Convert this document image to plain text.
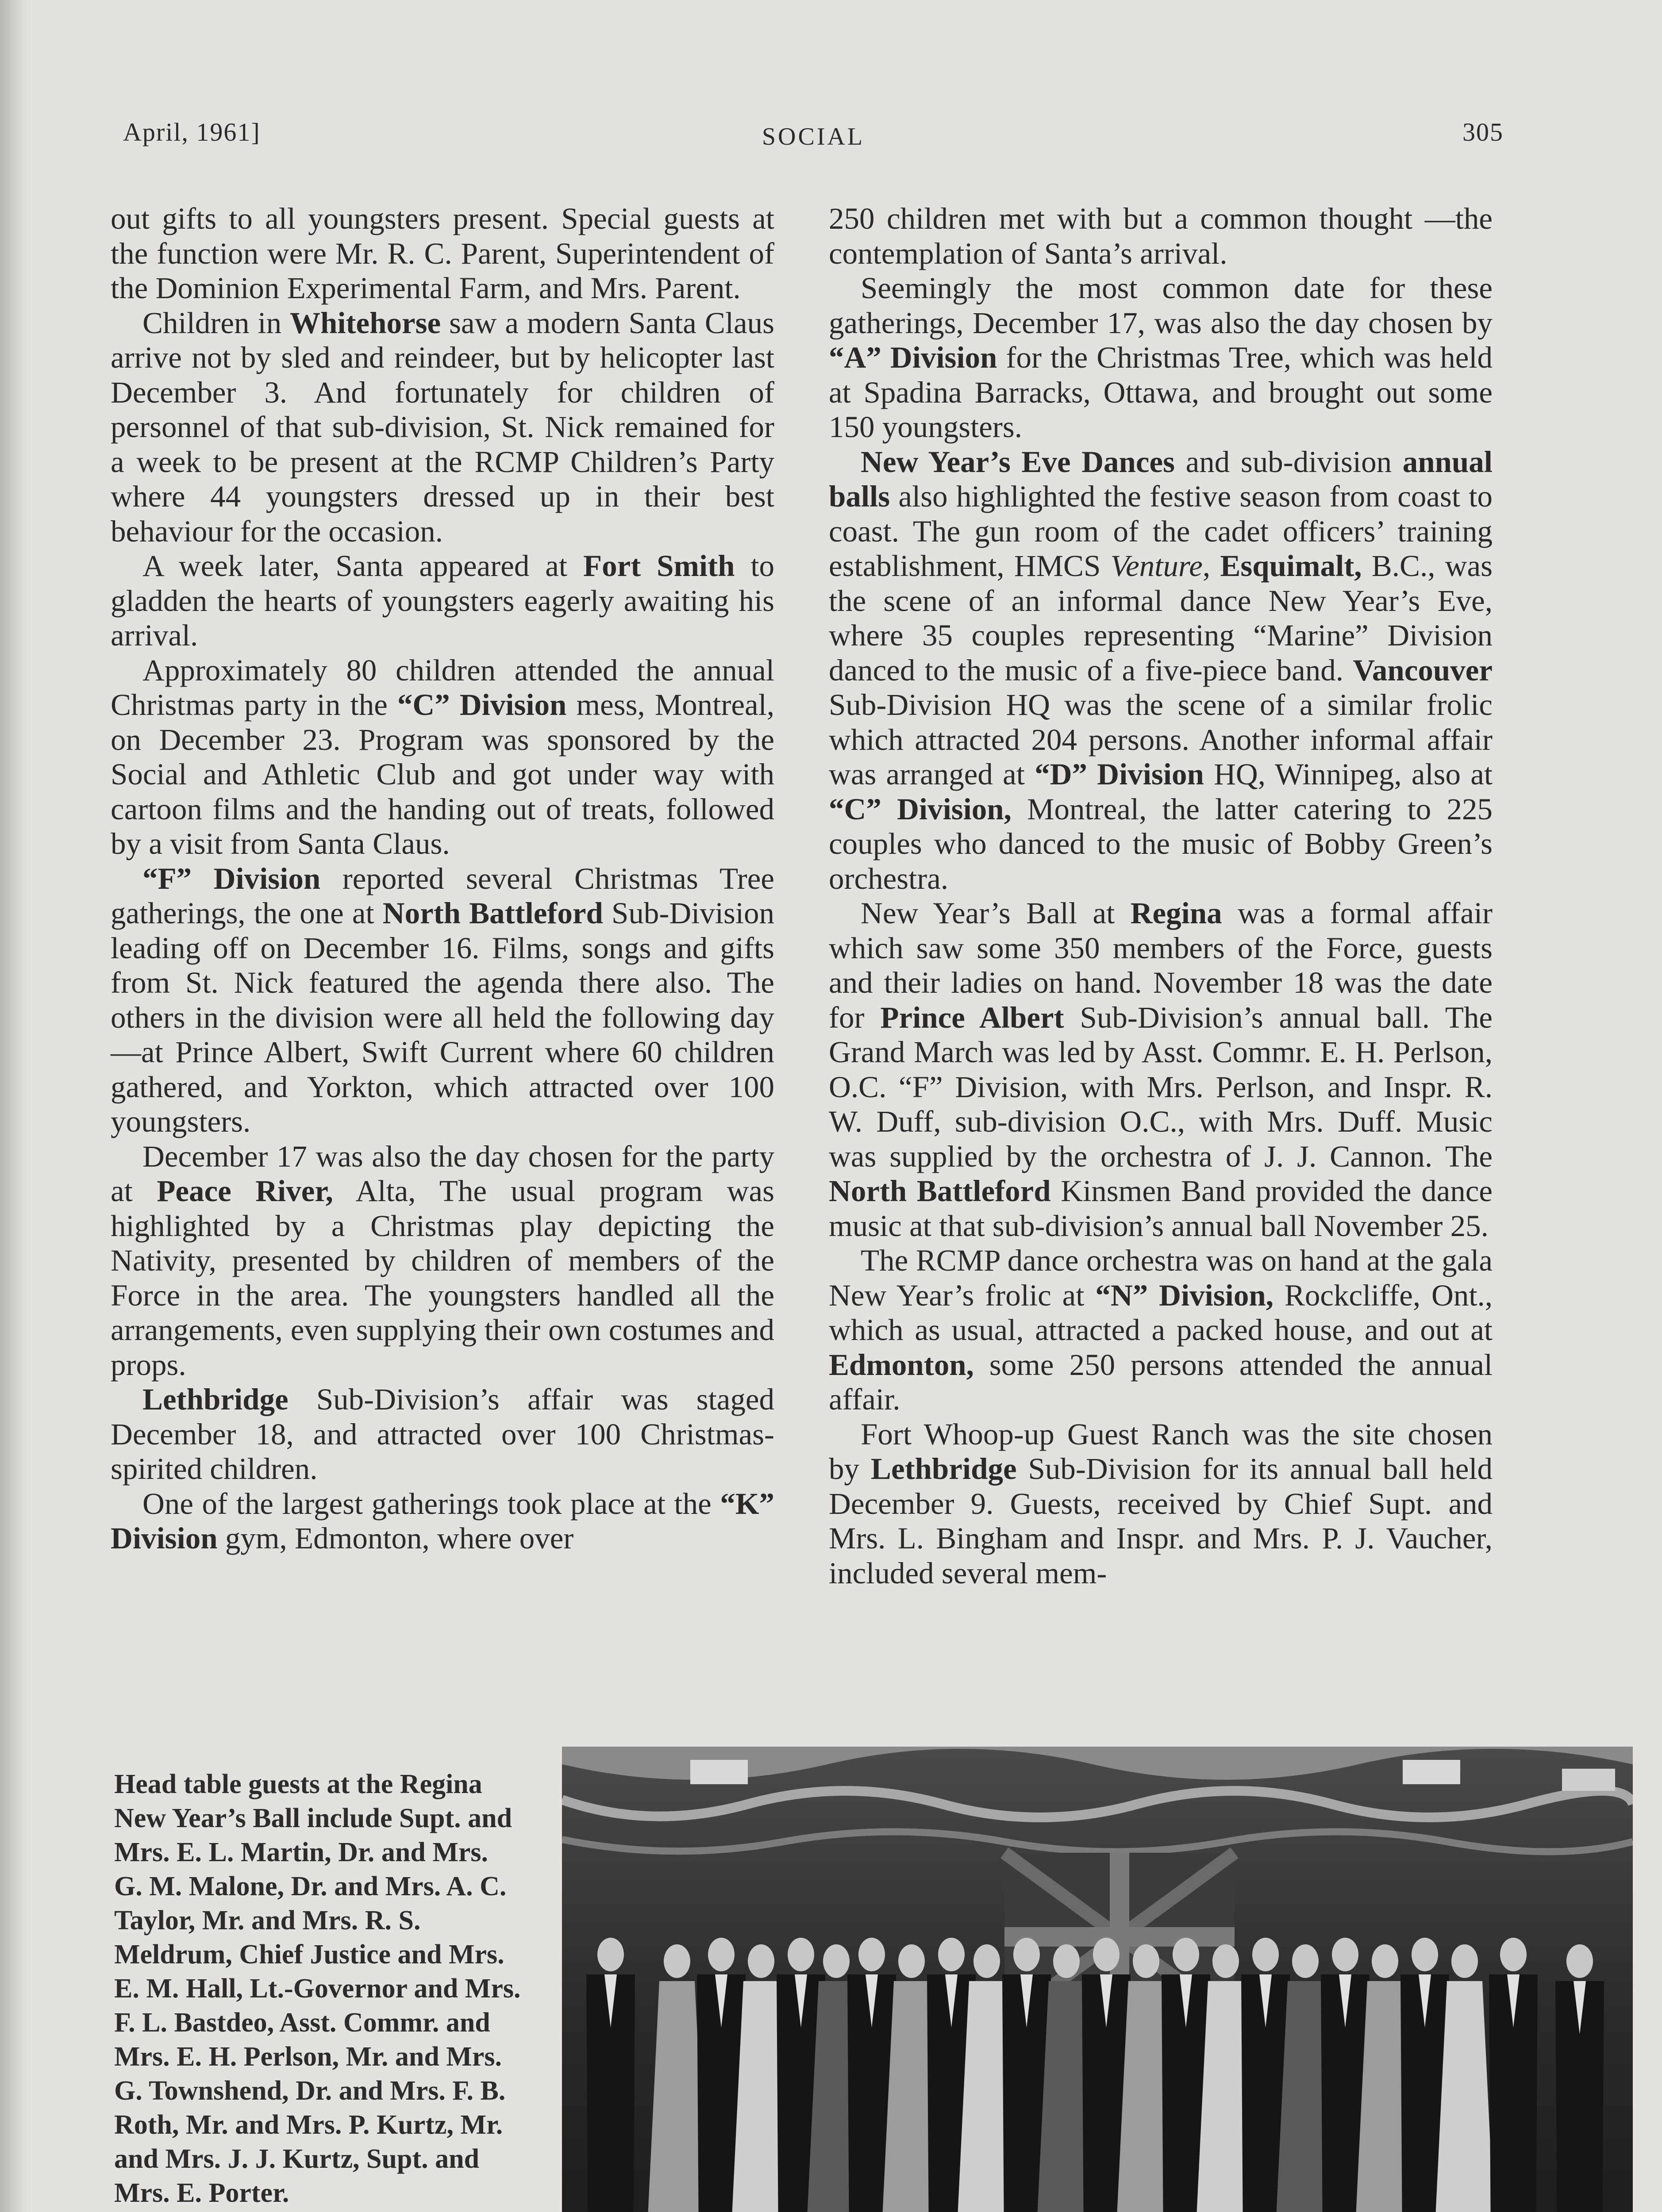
April, 1961]	SOCIAL	305

out gifts to all youngsters present. Special guests at the function were Mr. R. C. Parent, Superintendent of the Dominion Experimental Farm, and Mrs. Parent.

Children in Whitehorse saw a modern Santa Claus arrive not by sled and reindeer, but by helicopter last December 3. And fortunately for children of personnel of that sub-division, St. Nick remained for a week to be present at the RCMP Children’s Party where 44 youngsters dressed up in their best behaviour for the occasion.

A week later, Santa appeared at Fort Smith to gladden the hearts of youngsters eagerly awaiting his arrival.

Approximately 80 children attended the annual Christmas party in the “C” Division mess, Montreal, on December 23. Program was sponsored by the Social and Athletic Club and got under way with cartoon films and the handing out of treats, followed by a visit from Santa Claus.

“F” Division reported several Christmas Tree gatherings, the one at North Battleford Sub-Division leading off on December 16. Films, songs and gifts from St. Nick featured the agenda there also. The others in the division were all held the following day—at Prince Albert, Swift Current where 60 children gathered, and Yorkton, which attracted over 100 youngsters.

December 17 was also the day chosen for the party at Peace River, Alta, The usual program was highlighted by a Christmas play depicting the Nativity, presented by children of members of the Force in the area. The youngsters handled all the arrangements, even supplying their own costumes and props.

Lethbridge Sub-Division’s affair was staged December 18, and attracted over 100 Christmas-spirited children.

One of the largest gatherings took place at the “K” Division gym, Edmonton, where over

250 children met with but a common thought —the contemplation of Santa’s arrival.

Seemingly the most common date for these gatherings, December 17, was also the day chosen by “A” Division for the Christmas Tree, which was held at Spadina Barracks, Ottawa, and brought out some 150 youngsters.

New Year’s Eve Dances and sub-division annual balls also highlighted the festive season from coast to coast. The gun room of the cadet officers’ training establishment, HMCS Venture, Esquimalt, B.C., was the scene of an informal dance New Year’s Eve, where 35 couples representing “Marine” Division danced to the music of a five-piece band. Vancouver Sub-Division HQ was the scene of a similar frolic which attracted 204 persons. Another informal affair was arranged at “D” Division HQ, Winnipeg, also at “C” Division, Montreal, the latter catering to 225 couples who danced to the music of Bobby Green’s orchestra.

New Year’s Ball at Regina was a formal affair which saw some 350 members of the Force, guests and their ladies on hand. November 18 was the date for Prince Albert Sub-Division’s annual ball. The Grand March was led by Asst. Commr. E. H. Perlson, O.C. “F” Division, with Mrs. Perlson, and Inspr. R. W. Duff, sub-division O.C., with Mrs. Duff. Music was supplied by the orchestra of J. J. Cannon. The North Battleford Kinsmen Band provided the dance music at that sub-division’s annual ball November 25.

The RCMP dance orchestra was on hand at the gala New Year’s frolic at “N” Division, Rockcliffe, Ont., which as usual, attracted a packed house, and out at Edmonton, some 250 persons attended the annual affair.

Fort Whoop-up Guest Ranch was the site chosen by Lethbridge Sub-Division for its annual ball held December 9. Guests, received by Chief Supt. and Mrs. L. Bingham and Inspr. and Mrs. P. J. Vaucher, included several mem-

Head table guests at the Regina New Year’s Ball include Supt. and Mrs. E. L. Martin, Dr. and Mrs. G. M. Malone, Dr. and Mrs. A. C. Taylor, Mr. and Mrs. R. S. Meldrum, Chief Justice and Mrs. E. M. Hall, Lt.-Governor and Mrs. F. L. Bastdeo, Asst. Commr. and Mrs. E. H. Perlson, Mr. and Mrs. G. Townshend, Dr. and Mrs. F. B. Roth, Mr. and Mrs. P. Kurtz, Mr. and Mrs. J. J. Kurtz, Supt. and Mrs. E. Porter.
